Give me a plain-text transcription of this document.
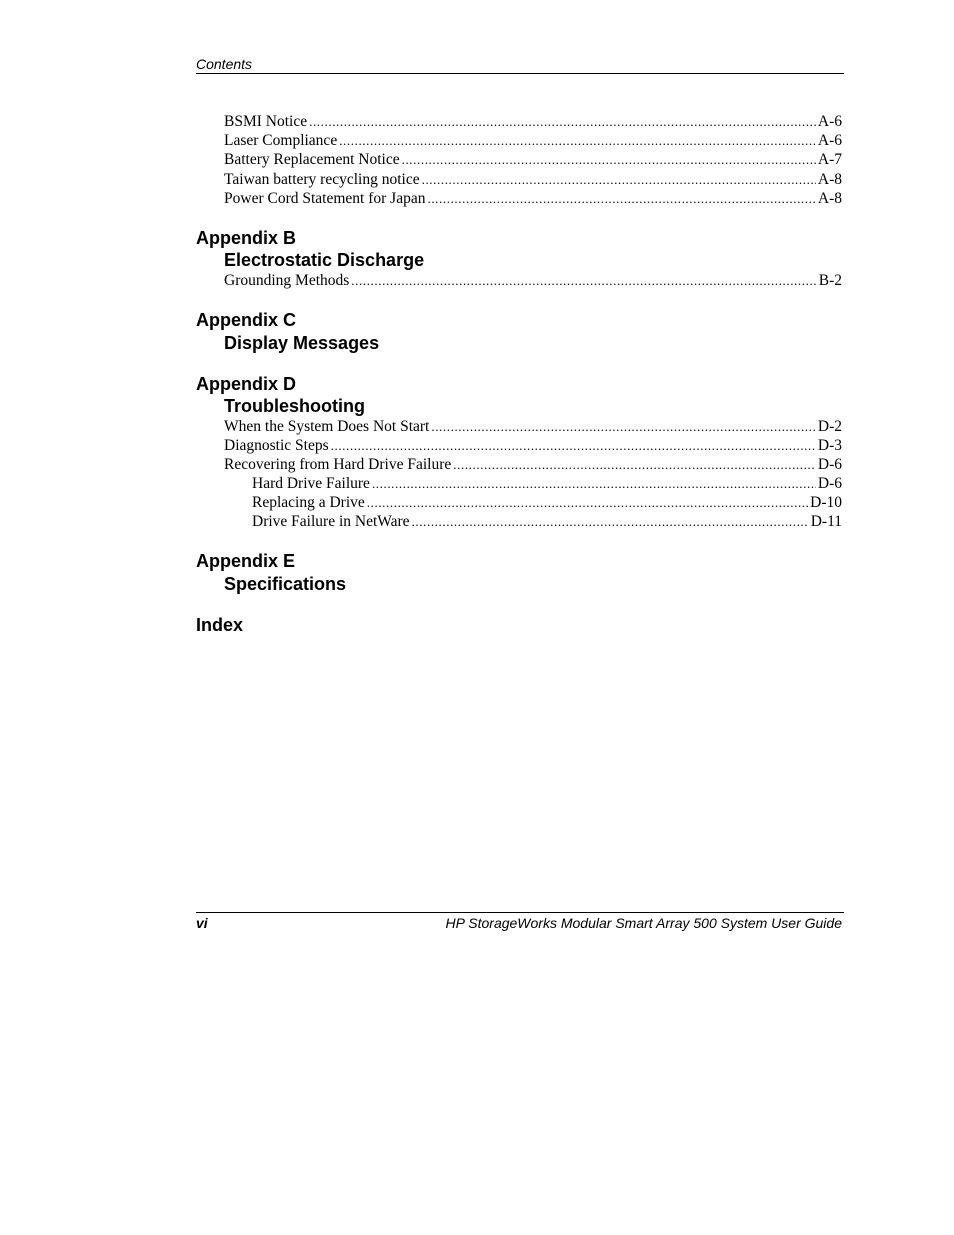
Contents
BSMI Notice .....	A-6
Laser Compliance .....	A-6
Battery Replacement Notice .....	A-7
Taiwan battery recycling notice .....	A-8
Power Cord Statement for Japan .....	A-8
Appendix B
Electrostatic Discharge
Grounding Methods .....	B-2
Appendix C
Display Messages
Appendix D
Troubleshooting
When the System Does Not Start .....	D-2
Diagnostic Steps .....	D-3
Recovering from Hard Drive Failure .....	D-6
Hard Drive Failure .....	D-6
Replacing a Drive .....	D-10
Drive Failure in NetWare .....	D-11
Appendix E
Specifications
Index
vi	HP StorageWorks Modular Smart Array 500 System User Guide
